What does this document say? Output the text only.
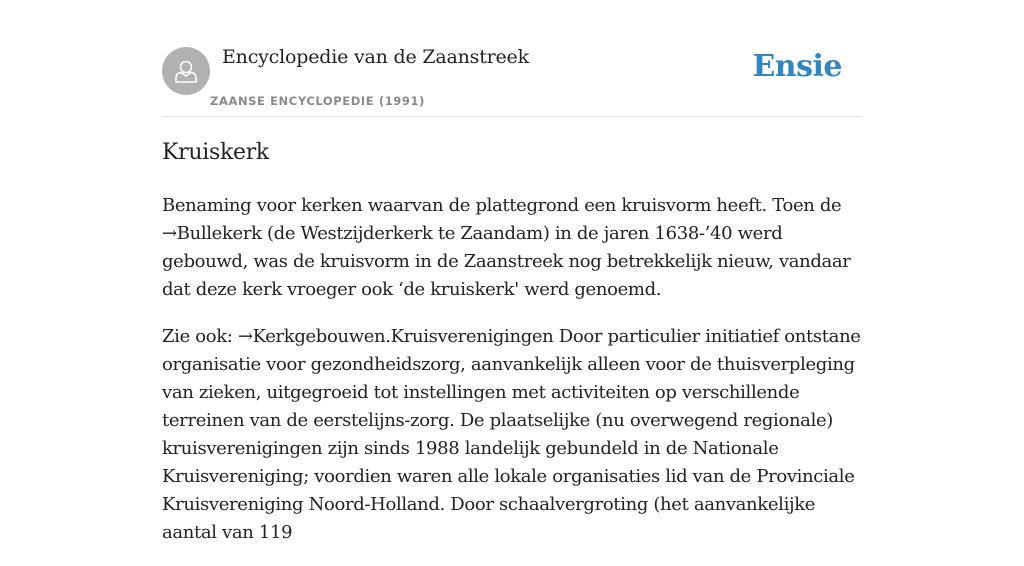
Encyclopedie van de Zaanstreek
ZAANSE ENCYCLOPEDIE (1991)
Ensie
Kruiskerk

Benaming voor kerken waarvan de plattegrond een kruisvorm heeft. Toen de →Bullekerk (de Westzijderkerk te Zaandam) in de jaren 1638-’40 werd gebouwd, was de kruisvorm in de Zaanstreek nog betrekkelijk nieuw, vandaar dat deze kerk vroeger ook ‘de kruiskerk' werd genoemd.

Zie ook: →Kerkgebouwen.Kruisverenigingen Door particulier initiatief ontstane organisatie voor gezondheidszorg, aanvankelijk alleen voor de thuisverpleging van zieken, uitgegroeid tot instellingen met activiteiten op verschillende terreinen van de eerstelijns-zorg. De plaatselijke (nu overwegend regionale) kruisverenigingen zijn sinds 1988 landelijk gebundeld in de Nationale Kruisvereniging; voordien waren alle lokale organisaties lid van de Provinciale Kruisvereniging Noord-Holland. Door schaalvergroting (het aanvankelijke aantal van 119
